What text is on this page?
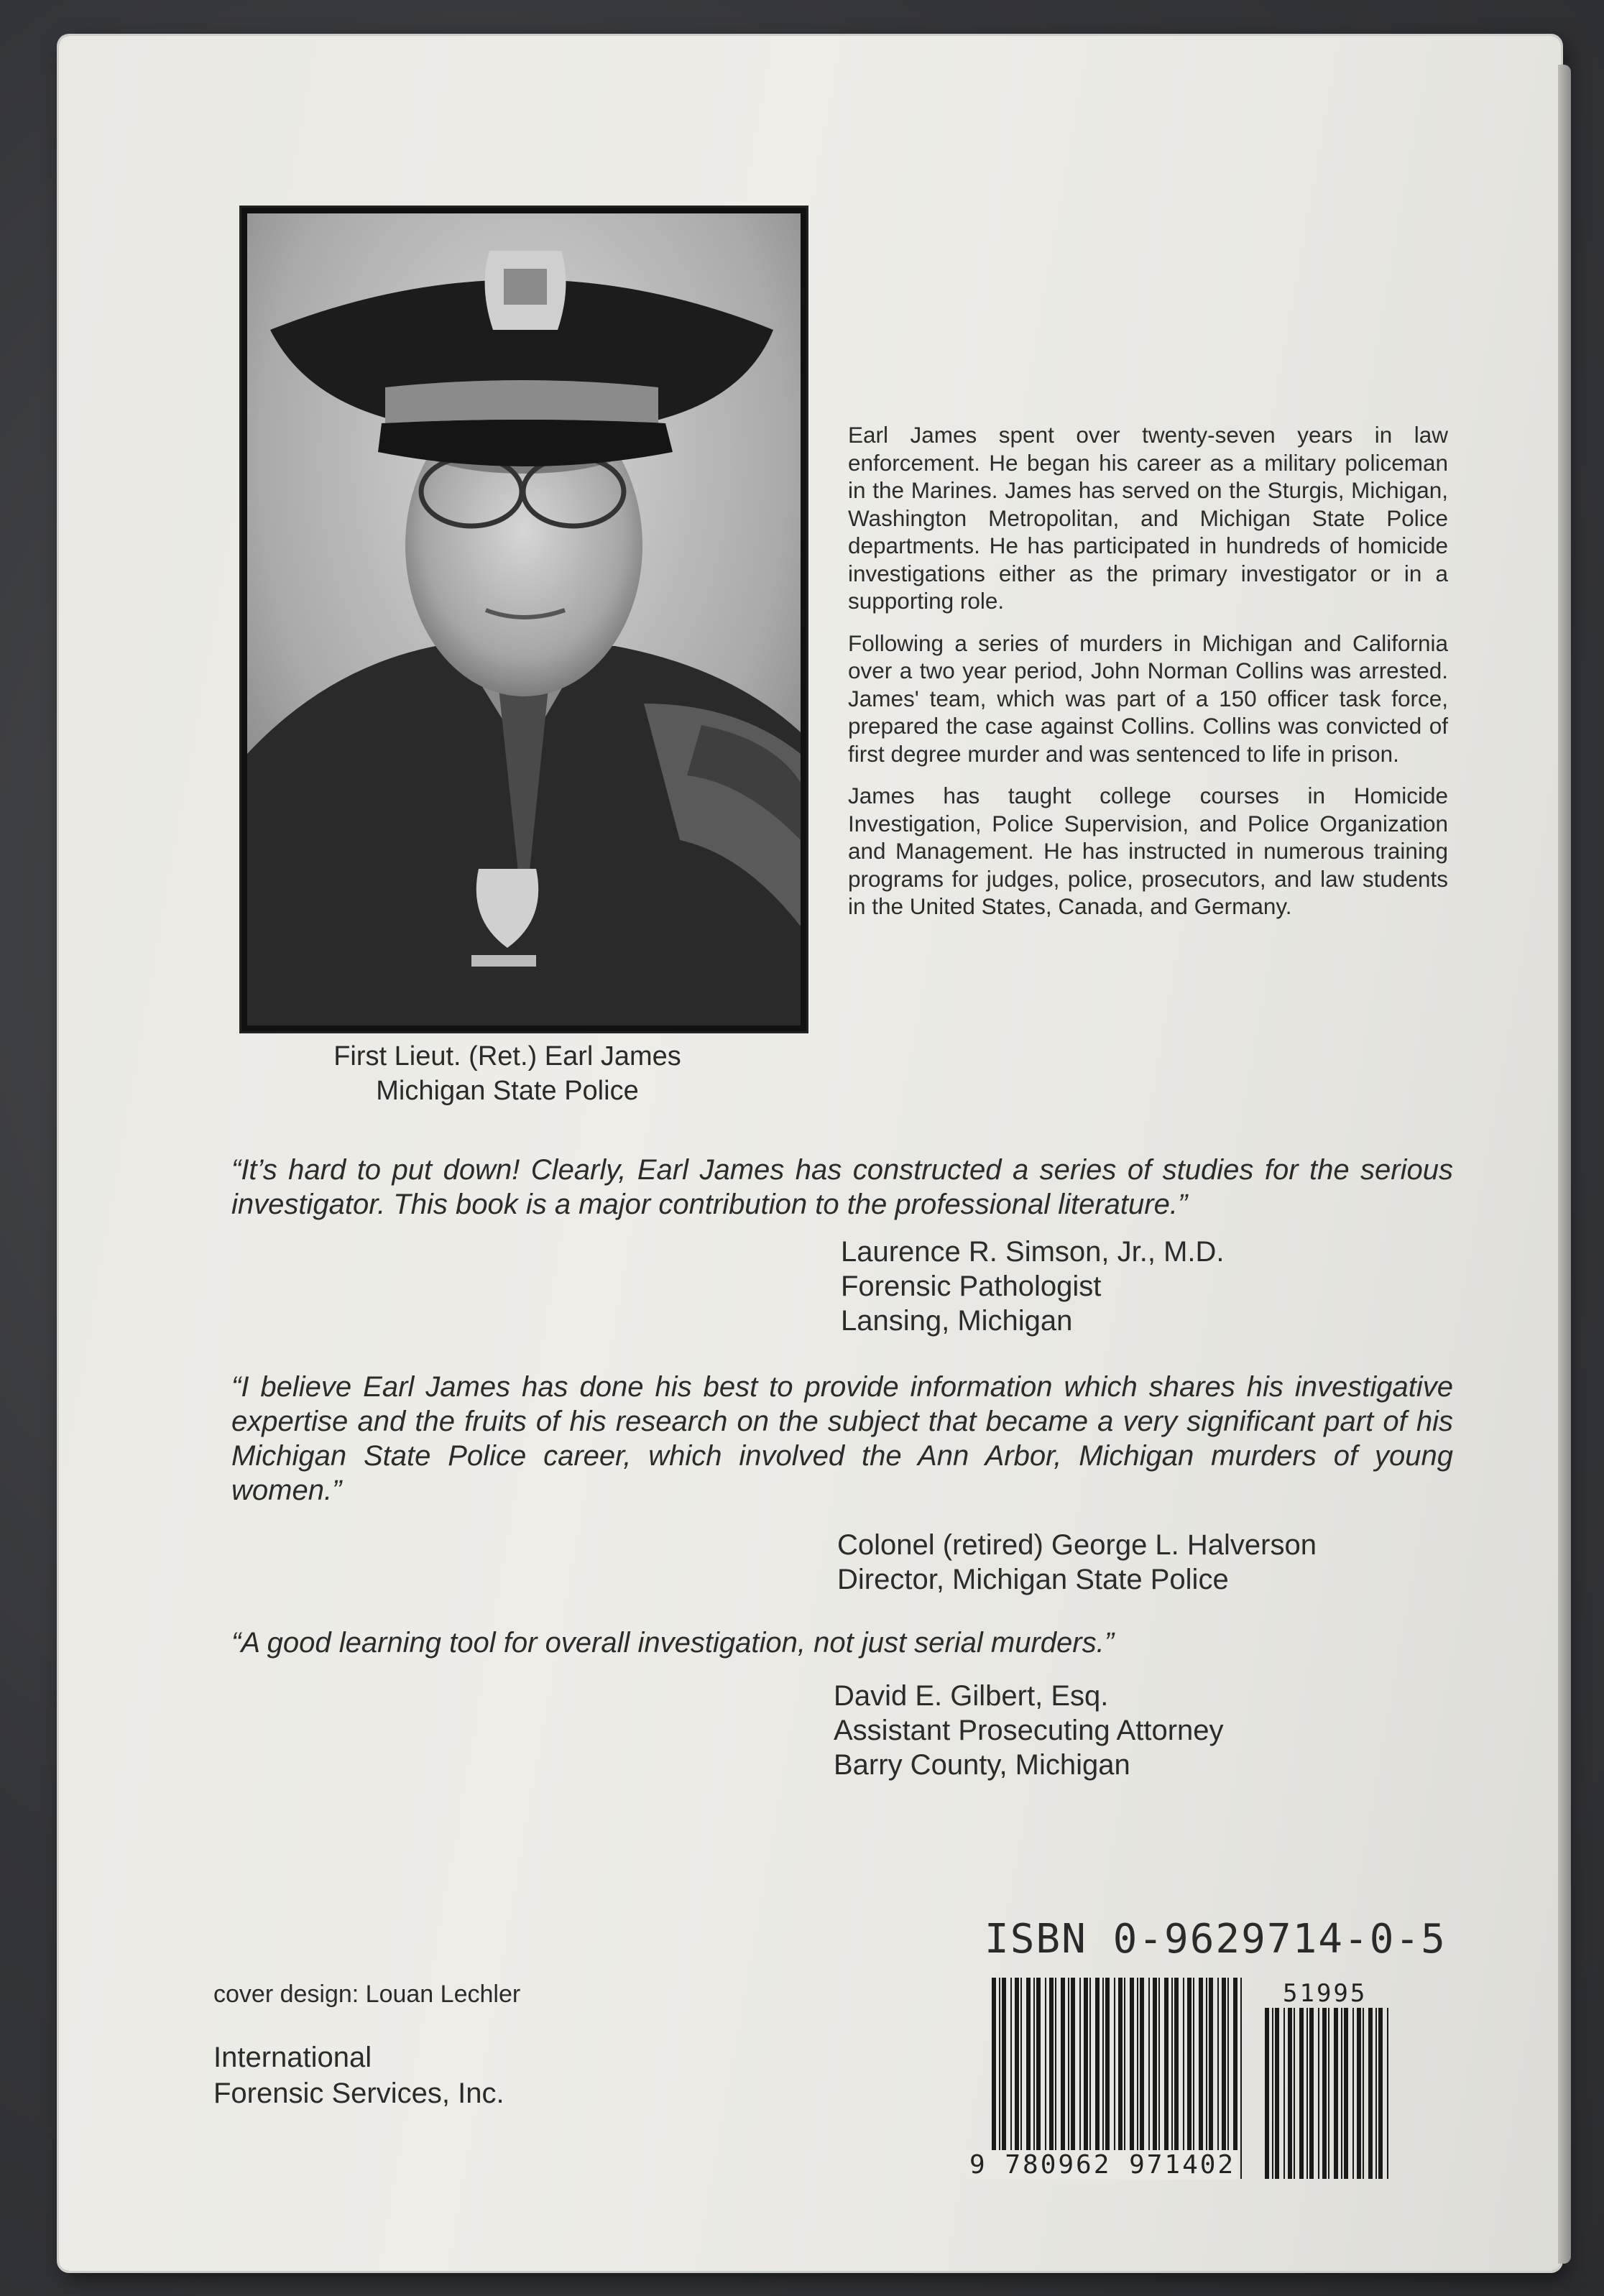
First Lieut. (Ret.) Earl James
Michigan State Police

Earl James spent over twenty-seven years in law enforcement. He began his career as a military policeman in the Marines. James has served on the Sturgis, Michigan, Washington Metropolitan, and Michigan State Police departments. He has participated in hundreds of homicide investigations either as the primary investigator or in a supporting role.

Following a series of murders in Michigan and California over a two year period, John Norman Collins was arrested. James' team, which was part of a 150 officer task force, prepared the case against Collins. Collins was convicted of first degree murder and was sentenced to life in prison.

James has taught college courses in Homicide Investigation, Police Supervision, and Police Organization and Management. He has instructed in numerous training programs for judges, police, prosecutors, and law students in the United States, Canada, and Germany.

“It’s hard to put down! Clearly, Earl James has constructed a series of studies for the serious investigator. This book is a major contribution to the professional literature.”
Laurence R. Simson, Jr., M.D.
Forensic Pathologist
Lansing, Michigan
“I believe Earl James has done his best to provide information which shares his investigative expertise and the fruits of his research on the subject that became a very significant part of his Michigan State Police career, which involved the Ann Arbor, Michigan murders of young women.”
Colonel (retired) George L. Halverson
Director, Michigan State Police
“A good learning tool for overall investigation, not just serial murders.”
David E. Gilbert, Esq.
Assistant Prosecuting Attorney
Barry County, Michigan
cover design: Louan Lechler
International
Forensic Services, Inc.
ISBN 0-9629714-0-5
51995
9 780962 971402
